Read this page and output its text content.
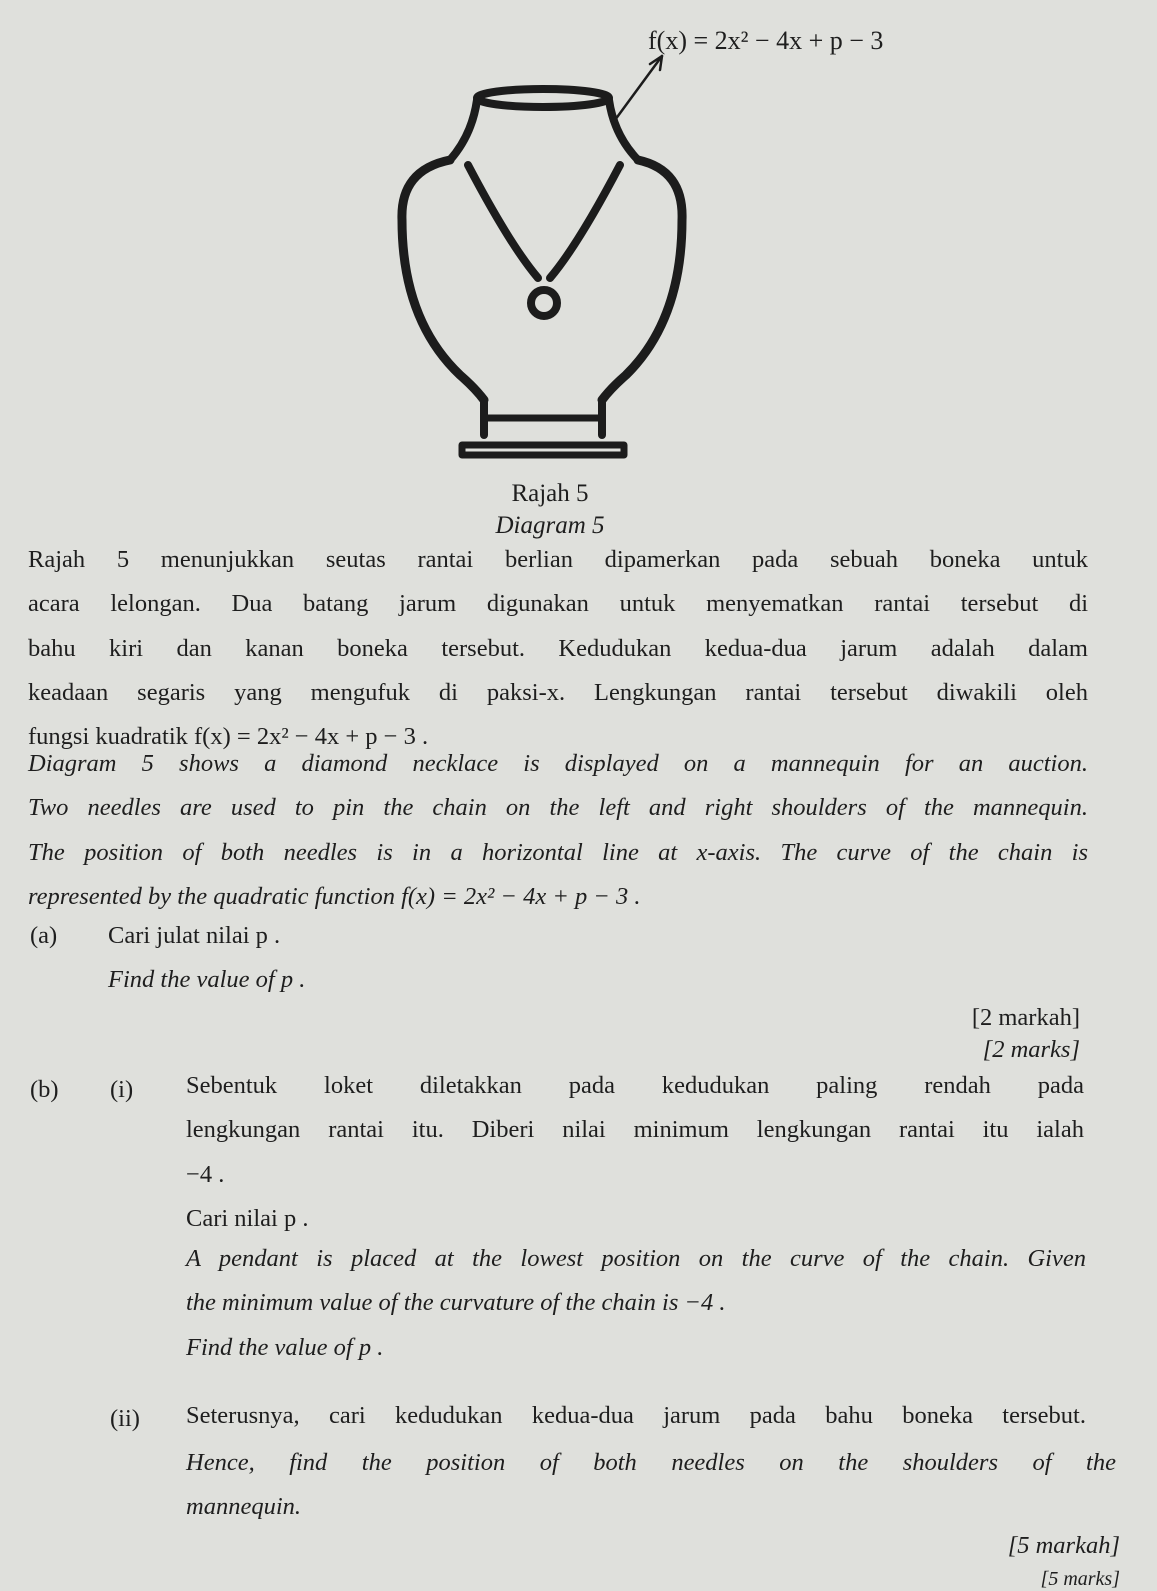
f(x) = 2x² − 4x + p − 3
Rajah 5
Diagram 5
Rajah 5 menunjukkan seutas rantai berlian dipamerkan pada sebuah boneka untuk
acara lelongan. Dua batang jarum digunakan untuk menyematkan rantai tersebut di
bahu kiri dan kanan boneka tersebut. Kedudukan kedua-dua jarum adalah dalam
keadaan segaris yang mengufuk di paksi-x. Lengkungan rantai tersebut diwakili oleh
fungsi kuadratik f(x) = 2x² − 4x + p − 3 .
Diagram 5 shows a diamond necklace is displayed on a mannequin for an auction.
Two needles are used to pin the chain on the left and right shoulders of the mannequin.
The position of both needles is in a horizontal line at x-axis. The curve of the chain is
represented by the quadratic function f(x) = 2x² − 4x + p − 3 .
(a) Cari julat nilai p .
Find the value of p .
[2 markah]
[2 marks]
(b) (i) Sebentuk loket diletakkan pada kedudukan paling rendah pada
lengkungan rantai itu. Diberi nilai minimum lengkungan rantai itu ialah
−4 .
Cari nilai p .
A pendant is placed at the lowest position on the curve of the chain. Given
the minimum value of the curvature of the chain is −4 .
Find the value of p .
(ii) Seterusnya, cari kedudukan kedua-dua jarum pada bahu boneka tersebut.
Hence, find the position of both needles on the shoulders of the
mannequin.
[5 markah]
[5 marks]
